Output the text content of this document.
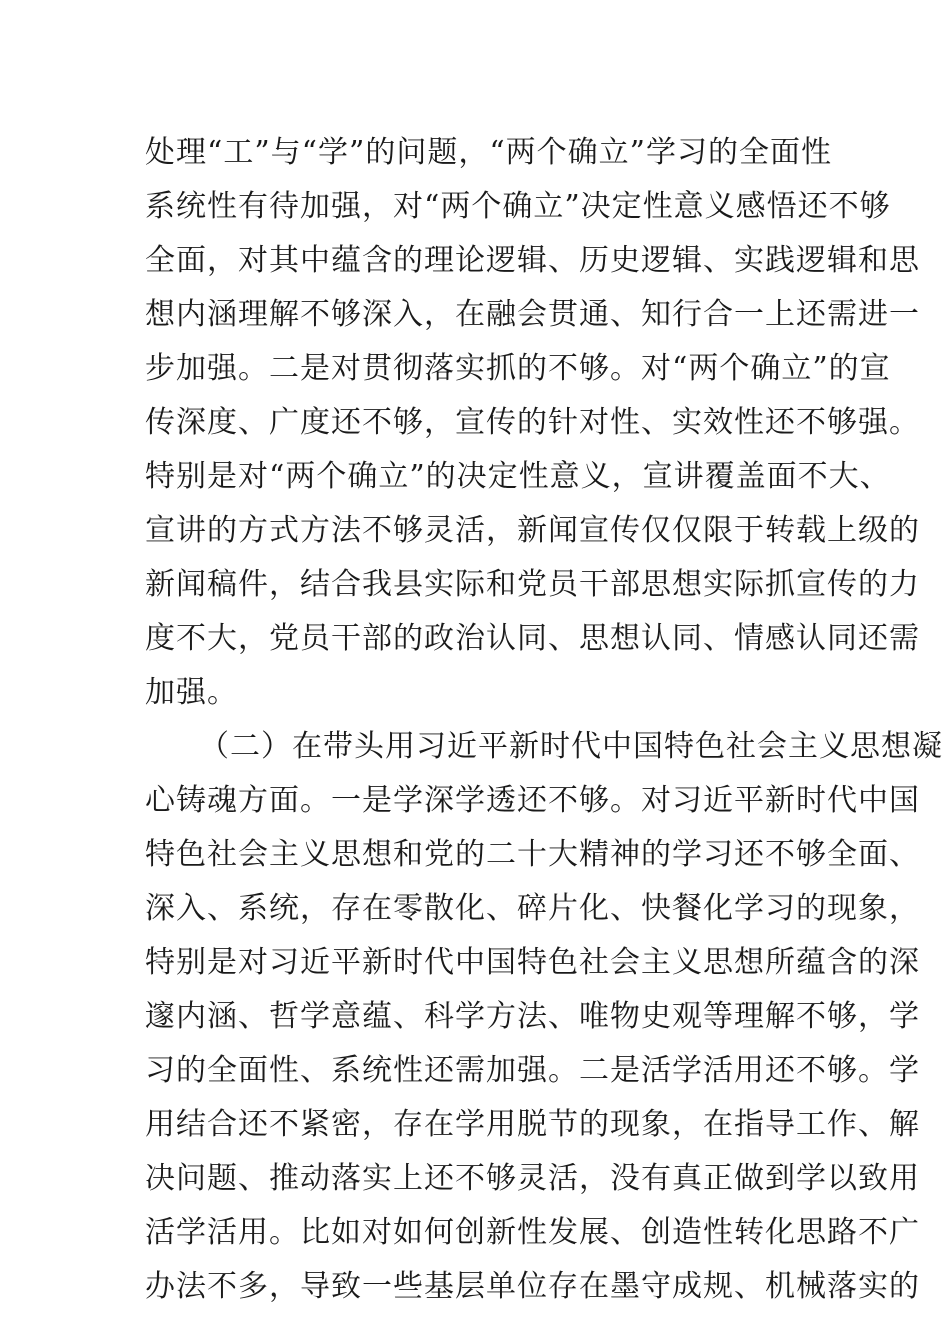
处理“工”与“学”的问题，“两个确立”学习的全面性
系统性有待加强，对“两个确立”决定性意义感悟还不够
全面，对其中蕴含的理论逻辑、历史逻辑、实践逻辑和思
想内涵理解不够深入，在融会贯通、知行合一上还需进一
步加强。二是对贯彻落实抓的不够。对“两个确立”的宣
传深度、广度还不够，宣传的针对性、实效性还不够强。
特别是对“两个确立”的决定性意义，宣讲覆盖面不大、
宣讲的方式方法不够灵活，新闻宣传仅仅限于转载上级的
新闻稿件，结合我县实际和党员干部思想实际抓宣传的力
度不大，党员干部的政治认同、思想认同、情感认同还需
加强。
（二）在带头用习近平新时代中国特色社会主义思想凝
心铸魂方面。一是学深学透还不够。对习近平新时代中国
特色社会主义思想和党的二十大精神的学习还不够全面、
深入、系统，存在零散化、碎片化、快餐化学习的现象，
特别是对习近平新时代中国特色社会主义思想所蕴含的深
邃内涵、哲学意蕴、科学方法、唯物史观等理解不够，学
习的全面性、系统性还需加强。二是活学活用还不够。学
用结合还不紧密，存在学用脱节的现象，在指导工作、解
决问题、推动落实上还不够灵活，没有真正做到学以致用
活学活用。比如对如何创新性发展、创造性转化思路不广
办法不多，导致一些基层单位存在墨守成规、机械落实的
